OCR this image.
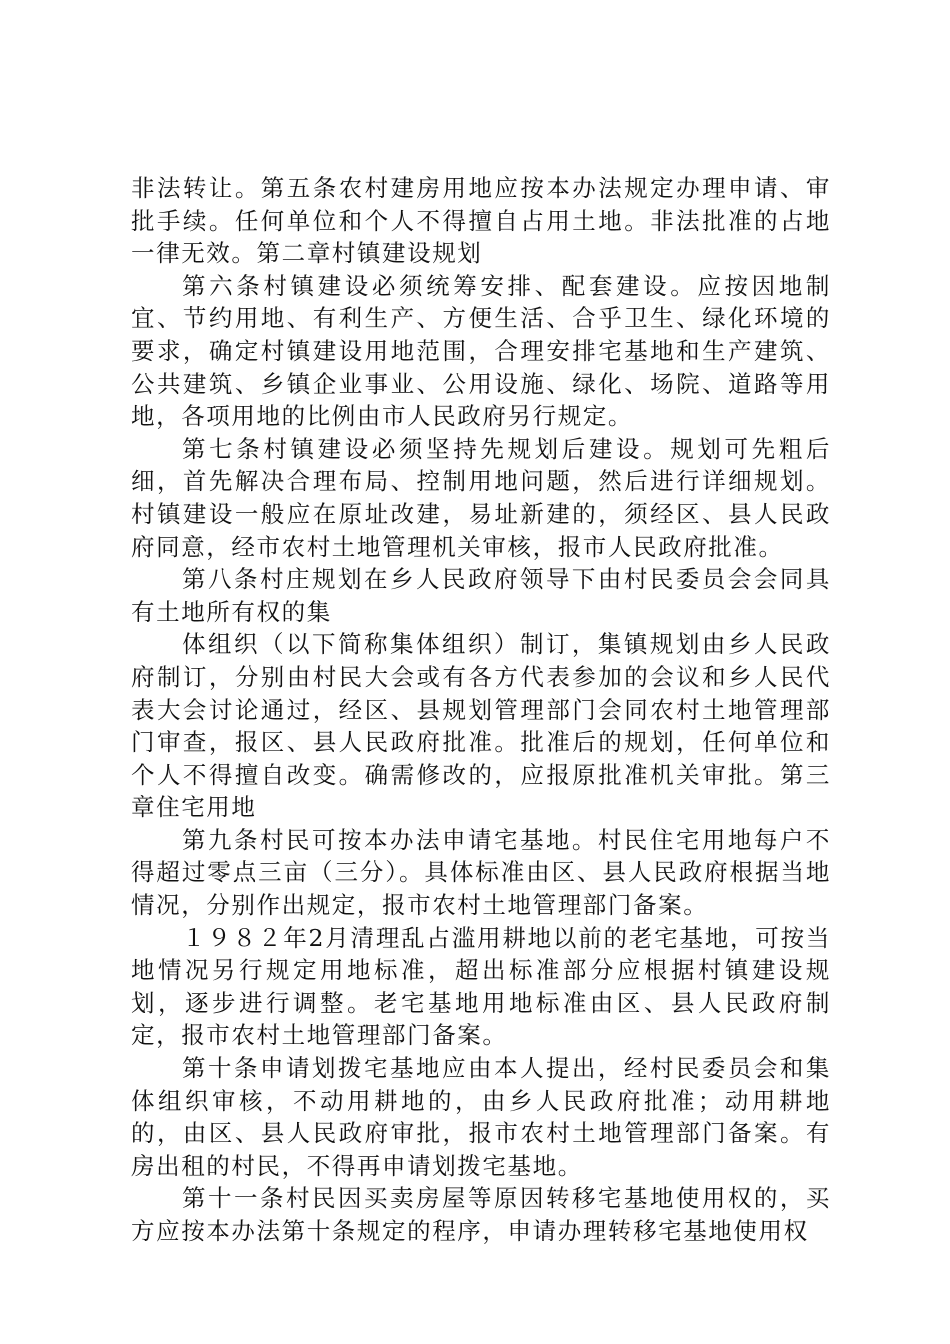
非法转让。第五条农村建房用地应按本办法规定办理申请、审批手续。任何单位和个人不得擅自占用土地。非法批准的占地一律无效。第二章村镇建设规划

第六条村镇建设必须统筹安排、配套建设。应按因地制宜、节约用地、有利生产、方便生活、合乎卫生、绿化环境的要求，确定村镇建设用地范围，合理安排宅基地和生产建筑、公共建筑、乡镇企业事业、公用设施、绿化、场院、道路等用地，各项用地的比例由市人民政府另行规定。

第七条村镇建设必须坚持先规划后建设。规划可先粗后细，首先解决合理布局、控制用地问题，然后进行详细规划。村镇建设一般应在原址改建，易址新建的，须经区、县人民政府同意，经市农村土地管理机关审核，报市人民政府批准。

第八条村庄规划在乡人民政府领导下由村民委员会会同具有土地所有权的集

体组织（以下简称集体组织）制订，集镇规划由乡人民政府制订，分别由村民大会或有各方代表参加的会议和乡人民代表大会讨论通过，经区、县规划管理部门会同农村土地管理部门审查，报区、县人民政府批准。批准后的规划，任何单位和个人不得擅自改变。确需修改的，应报原批准机关审批。第三章住宅用地

第九条村民可按本办法申请宅基地。村民住宅用地每户不得超过零点三亩（三分）。具体标准由区、县人民政府根据当地情况，分别作出规定，报市农村土地管理部门备案。

１９８２年2月清理乱占滥用耕地以前的老宅基地，可按当地情况另行规定用地标准，超出标准部分应根据村镇建设规划，逐步进行调整。老宅基地用地标准由区、县人民政府制定，报市农村土地管理部门备案。

第十条申请划拨宅基地应由本人提出，经村民委员会和集体组织审核，不动用耕地的，由乡人民政府批准；动用耕地的，由区、县人民政府审批，报市农村土地管理部门备案。有房出租的村民，不得再申请划拨宅基地。

第十一条村民因买卖房屋等原因转移宅基地使用权的，买方应按本办法第十条规定的程序，申请办理转移宅基地使用权
